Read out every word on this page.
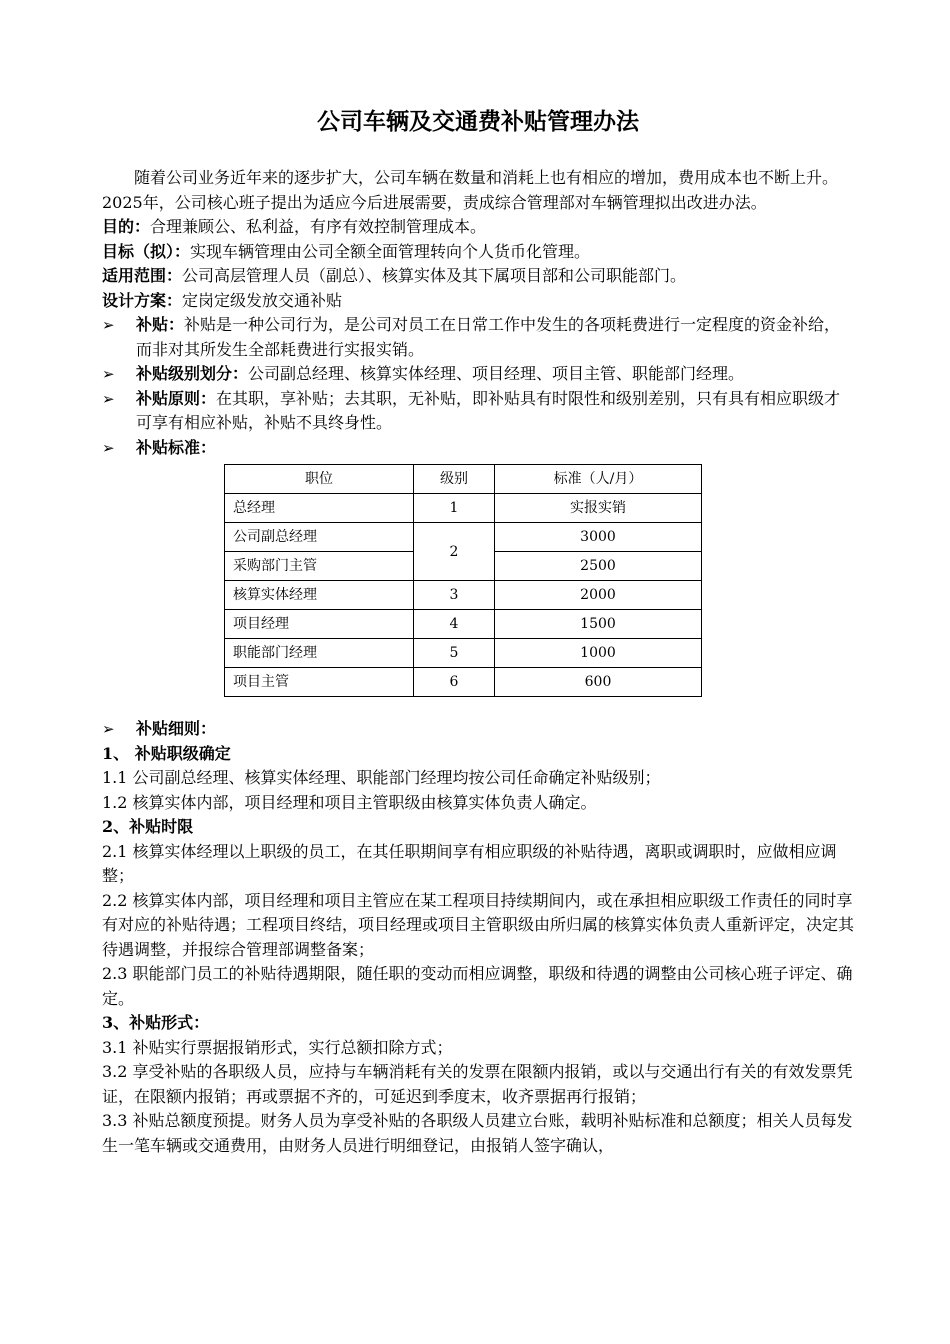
公司车辆及交通费补贴管理办法

随着公司业务近年来的逐步扩大，公司车辆在数量和消耗上也有相应的增加，费用成本也不断上升。2025年，公司核心班子提出为适应今后进展需要，责成综合管理部对车辆管理拟出改进办法。

目的：合理兼顾公、私利益，有序有效控制管理成本。

目标（拟）：实现车辆管理由公司全额全面管理转向个人货币化管理。

适用范围：公司高层管理人员（副总）、核算实体及其下属项目部和公司职能部门。

设计方案：定岗定级发放交通补贴

➢	补贴：补贴是一种公司行为，是公司对员工在日常工作中发生的各项耗费进行一定程度的资金补给，而非对其所发生全部耗费进行实报实销。
➢	补贴级别划分：公司副总经理、核算实体经理、项目经理、项目主管、职能部门经理。
➢	补贴原则：在其职，享补贴；去其职，无补贴，即补贴具有时限性和级别差别，只有具有相应职级才可享有相应补贴，补贴不具终身性。
➢	补贴标准：
职位	级别	标准（人/月）
总经理	1	实报实销
公司副总经理	2	3000
采购部门主管		2500
核算实体经理	3	2000
项目经理	4	1500
职能部门经理	5	1000
项目主管	6	600
➢	补贴细则：

1、 补贴职级确定

1.1 公司副总经理、核算实体经理、职能部门经理均按公司任命确定补贴级别；

1.2 核算实体内部，项目经理和项目主管职级由核算实体负责人确定。

2、补贴时限

2.1 核算实体经理以上职级的员工，在其任职期间享有相应职级的补贴待遇，离职或调职时，应做相应调整；

2.2 核算实体内部，项目经理和项目主管应在某工程项目持续期间内，或在承担相应职级工作责任的同时享有对应的补贴待遇；工程项目终结，项目经理或项目主管职级由所归属的核算实体负责人重新评定，决定其待遇调整，并报综合管理部调整备案；

2.3 职能部门员工的补贴待遇期限，随任职的变动而相应调整，职级和待遇的调整由公司核心班子评定、确定。

3、补贴形式：

3.1 补贴实行票据报销形式，实行总额扣除方式；

3.2 享受补贴的各职级人员，应持与车辆消耗有关的发票在限额内报销，或以与交通出行有关的有效发票凭证，在限额内报销；再或票据不齐的，可延迟到季度末，收齐票据再行报销；

3.3 补贴总额度预提。财务人员为享受补贴的各职级人员建立台账，载明补贴标准和总额度；相关人员每发生一笔车辆或交通费用，由财务人员进行明细登记，由报销人签字确认，
